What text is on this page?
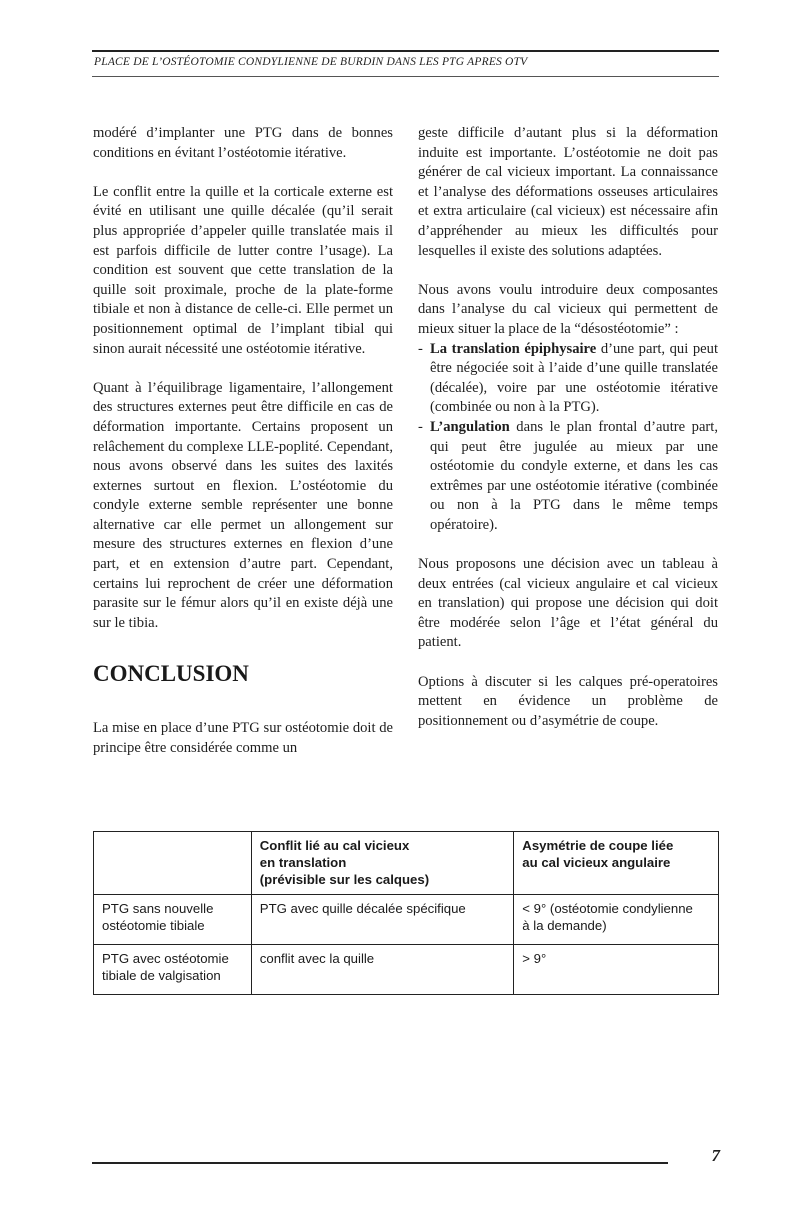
PLACE DE L’OSTÉOTOMIE CONDYLIENNE DE BURDIN DANS LES PTG APRES OTV

modéré d’implanter une PTG dans de bonnes conditions en évitant l’ostéotomie itérative.

Le conflit entre la quille et la corticale externe est évité en utilisant une quille décalée (qu’il serait plus appropriée d’appeler quille translatée mais il est parfois difficile de lutter contre l’usage). La condition est souvent que cette translation de la quille soit proximale, proche de la plate-forme tibiale et non à distance de celle-ci. Elle permet un positionnement optimal de l’implant tibial qui sinon aurait nécessité une ostéotomie itérative.

Quant à l’équilibrage ligamentaire, l’allongement des structures externes peut être difficile en cas de déformation importante. Certains proposent un relâchement du complexe LLE-poplité. Cependant, nous avons observé dans les suites des laxités externes surtout en flexion. L’ostéotomie du condyle externe semble représenter une bonne alternative car elle permet un allongement sur mesure des structures externes en flexion d’une part, et en extension d’autre part. Cependant, certains lui reprochent de créer une déformation parasite sur le fémur alors qu’il en existe déjà une sur le tibia.

CONCLUSION

La mise en place d’une PTG sur ostéotomie doit de principe être considérée comme un

geste difficile d’autant plus si la déformation induite est importante. L’ostéotomie ne doit pas générer de cal vicieux important. La connaissance et l’analyse des déformations osseuses articulaires et extra articulaire (cal vicieux) est nécessaire afin d’appréhender au mieux les difficultés pour lesquelles il existe des solutions adaptées.

Nous avons voulu introduire deux composantes dans l’analyse du cal vicieux qui permettent de mieux situer la place de la “désostéotomie” :

- La translation épiphysaire d’une part, qui peut être négociée soit à l’aide d’une quille translatée (décalée), voire par une ostéotomie itérative (combinée ou non à la PTG).
- L’angulation dans le plan frontal d’autre part, qui peut être jugulée au mieux par une ostéotomie du condyle externe, et dans les cas extrêmes par une ostéotomie itérative (combinée ou non à la PTG dans le même temps opératoire).

Nous proposons une décision avec un tableau à deux entrées (cal vicieux angulaire et cal vicieux en translation) qui propose une décision qui doit être modérée selon l’âge et l’état général du patient.

Options à discuter si les calques pré-operatoires mettent en évidence un problème de positionnement ou d’asymétrie de coupe.

	Conflit lié au cal vicieux
en translation
(prévisible sur les calques)	Asymétrie de coupe liée
au cal vicieux angulaire
PTG sans nouvelle
ostéotomie tibiale	PTG avec quille décalée spécifique	< 9° (ostéotomie condylienne
à la demande)
PTG avec ostéotomie
tibiale de valgisation	conflit avec la quille	> 9°
7
